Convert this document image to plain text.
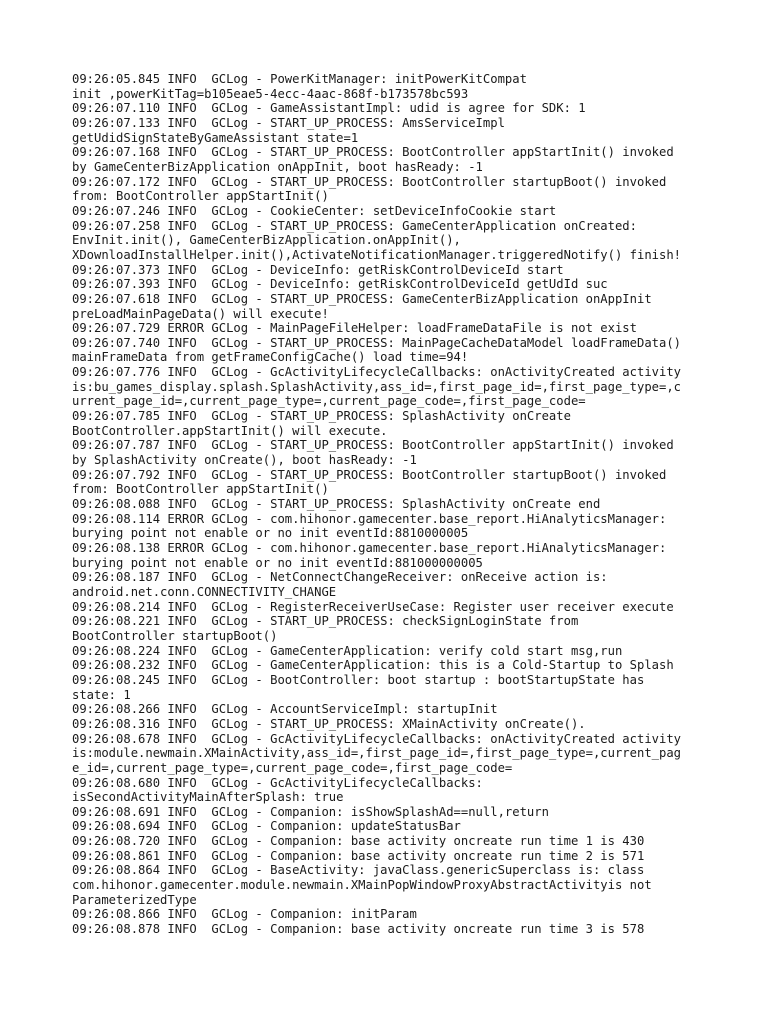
09:26:05.845 INFO  GCLog - PowerKitManager: initPowerKitCompat
init ,powerKitTag=b105eae5-4ecc-4aac-868f-b173578bc593
09:26:07.110 INFO  GCLog - GameAssistantImpl: udid is agree for SDK: 1
09:26:07.133 INFO  GCLog - START_UP_PROCESS: AmsServiceImpl
getUdidSignStateByGameAssistant state=1
09:26:07.168 INFO  GCLog - START_UP_PROCESS: BootController appStartInit() invoked
by GameCenterBizApplication onAppInit, boot hasReady: -1
09:26:07.172 INFO  GCLog - START_UP_PROCESS: BootController startupBoot() invoked
from: BootController appStartInit()
09:26:07.246 INFO  GCLog - CookieCenter: setDeviceInfoCookie start
09:26:07.258 INFO  GCLog - START_UP_PROCESS: GameCenterApplication onCreated:
EnvInit.init(), GameCenterBizApplication.onAppInit(),
XDownloadInstallHelper.init(),ActivateNotificationManager.triggeredNotify() finish!
09:26:07.373 INFO  GCLog - DeviceInfo: getRiskControlDeviceId start
09:26:07.393 INFO  GCLog - DeviceInfo: getRiskControlDeviceId getUdId suc
09:26:07.618 INFO  GCLog - START_UP_PROCESS: GameCenterBizApplication onAppInit
preLoadMainPageData() will execute!
09:26:07.729 ERROR GCLog - MainPageFileHelper: loadFrameDataFile is not exist
09:26:07.740 INFO  GCLog - START_UP_PROCESS: MainPageCacheDataModel loadFrameData()
mainFrameData from getFrameConfigCache() load time=94!
09:26:07.776 INFO  GCLog - GcActivityLifecycleCallbacks: onActivityCreated activity
is:bu_games_display.splash.SplashActivity,ass_id=,first_page_id=,first_page_type=,c
urrent_page_id=,current_page_type=,current_page_code=,first_page_code=
09:26:07.785 INFO  GCLog - START_UP_PROCESS: SplashActivity onCreate
BootController.appStartInit() will execute.
09:26:07.787 INFO  GCLog - START_UP_PROCESS: BootController appStartInit() invoked
by SplashActivity onCreate(), boot hasReady: -1
09:26:07.792 INFO  GCLog - START_UP_PROCESS: BootController startupBoot() invoked
from: BootController appStartInit()
09:26:08.088 INFO  GCLog - START_UP_PROCESS: SplashActivity onCreate end
09:26:08.114 ERROR GCLog - com.hihonor.gamecenter.base_report.HiAnalyticsManager:
burying point not enable or no init eventId:8810000005
09:26:08.138 ERROR GCLog - com.hihonor.gamecenter.base_report.HiAnalyticsManager:
burying point not enable or no init eventId:881000000005
09:26:08.187 INFO  GCLog - NetConnectChangeReceiver: onReceive action is:
android.net.conn.CONNECTIVITY_CHANGE
09:26:08.214 INFO  GCLog - RegisterReceiverUseCase: Register user receiver execute
09:26:08.221 INFO  GCLog - START_UP_PROCESS: checkSignLoginState from
BootController startupBoot()
09:26:08.224 INFO  GCLog - GameCenterApplication: verify cold start msg,run
09:26:08.232 INFO  GCLog - GameCenterApplication: this is a Cold-Startup to Splash
09:26:08.245 INFO  GCLog - BootController: boot startup : bootStartupState has
state: 1
09:26:08.266 INFO  GCLog - AccountServiceImpl: startupInit
09:26:08.316 INFO  GCLog - START_UP_PROCESS: XMainActivity onCreate().
09:26:08.678 INFO  GCLog - GcActivityLifecycleCallbacks: onActivityCreated activity
is:module.newmain.XMainActivity,ass_id=,first_page_id=,first_page_type=,current_pag
e_id=,current_page_type=,current_page_code=,first_page_code=
09:26:08.680 INFO  GCLog - GcActivityLifecycleCallbacks:
isSecondActivityMainAfterSplash: true
09:26:08.691 INFO  GCLog - Companion: isShowSplashAd==null,return
09:26:08.694 INFO  GCLog - Companion: updateStatusBar
09:26:08.720 INFO  GCLog - Companion: base activity oncreate run time 1 is 430
09:26:08.861 INFO  GCLog - Companion: base activity oncreate run time 2 is 571
09:26:08.864 INFO  GCLog - BaseActivity: javaClass.genericSuperclass is: class
com.hihonor.gamecenter.module.newmain.XMainPopWindowProxyAbstractActivityis not
ParameterizedType
09:26:08.866 INFO  GCLog - Companion: initParam
09:26:08.878 INFO  GCLog - Companion: base activity oncreate run time 3 is 578
